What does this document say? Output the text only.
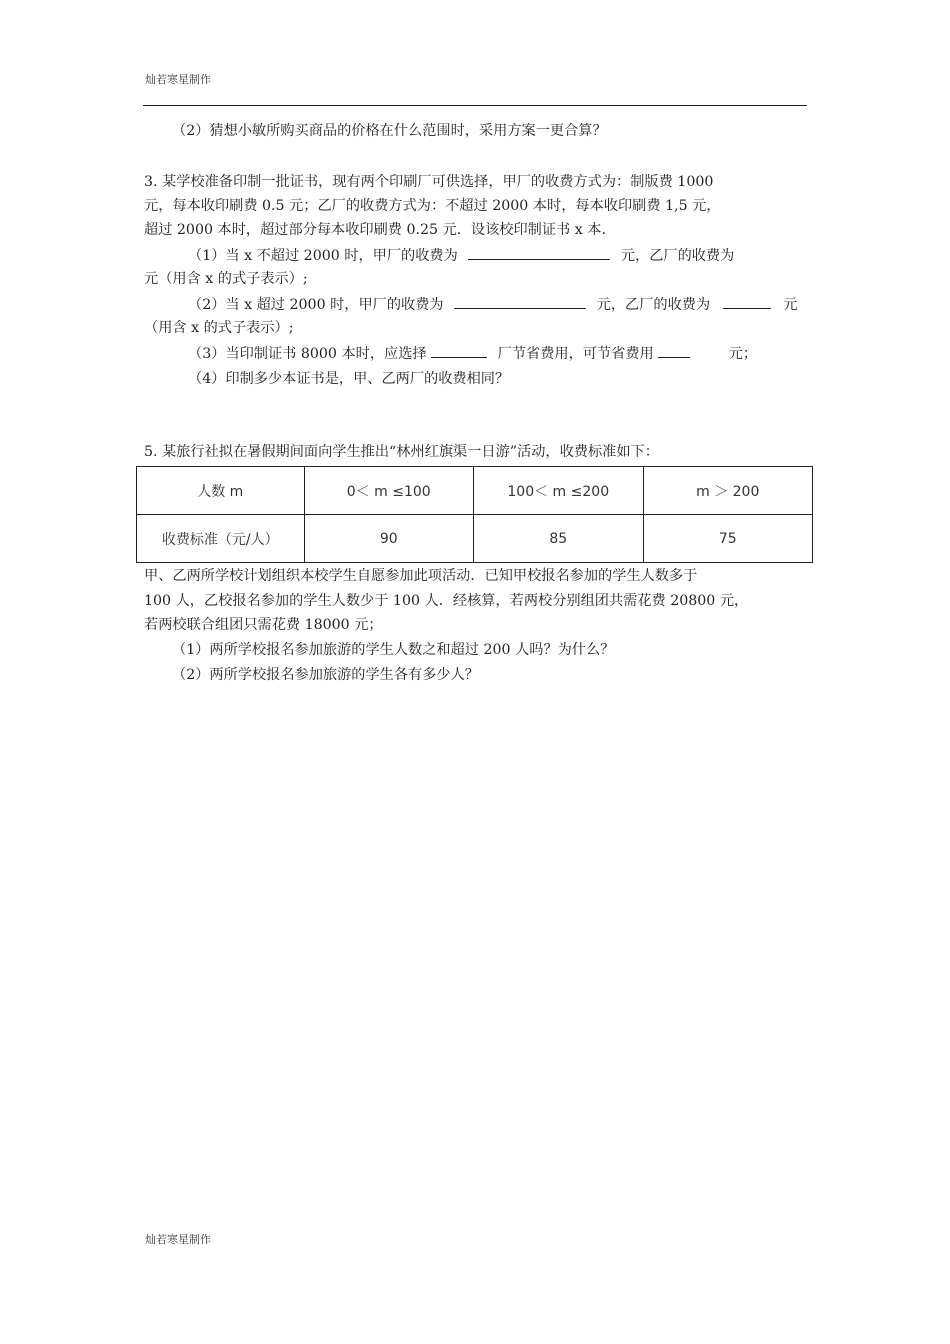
灿若寒星制作
（2）猜想小敏所购买商品的价格在什么范围时，采用方案一更合算？
3. 某学校准备印制一批证书，现有两个印刷厂可供选择，甲厂的收费方式为：制版费 1000
元，每本收印刷费 0.5 元；乙厂的收费方式为：不超过 2000 本时，每本收印刷费 1,5 元，
超过 2000 本时，超过部分每本收印刷费 0.25 元．设该校印制证书 x 本.
（1）当 x 不超过 2000 时，甲厂的收费为	元，乙厂的收费为
元（用含 x 的式子表示）;
（2）当 x 超过 2000 时，甲厂的收费为	元，乙厂的收费为	元
（用含 x 的式子表示）;
（3）当印制证书 8000 本时，应选择	厂节省费用，可节省费用	元；
（4）印制多少本证书是，甲、乙两厂的收费相同？
5. 某旅行社拟在暑假期间面向学生推出“林州红旗渠一日游”活动，收费标准如下：
人数 m	0＜ m ≤100	100＜ m ≤200	m ＞ 200
收费标准（元/人）	90	85	75
甲、乙两所学校计划组织本校学生自愿参加此项活动．已知甲校报名参加的学生人数多于
100 人，乙校报名参加的学生人数少于 100 人．经核算，若两校分别组团共需花费 20800 元，
若两校联合组团只需花费 18000 元；
（1）两所学校报名参加旅游的学生人数之和超过 200 人吗？为什么？
（2）两所学校报名参加旅游的学生各有多少人？
灿若寒星制作
